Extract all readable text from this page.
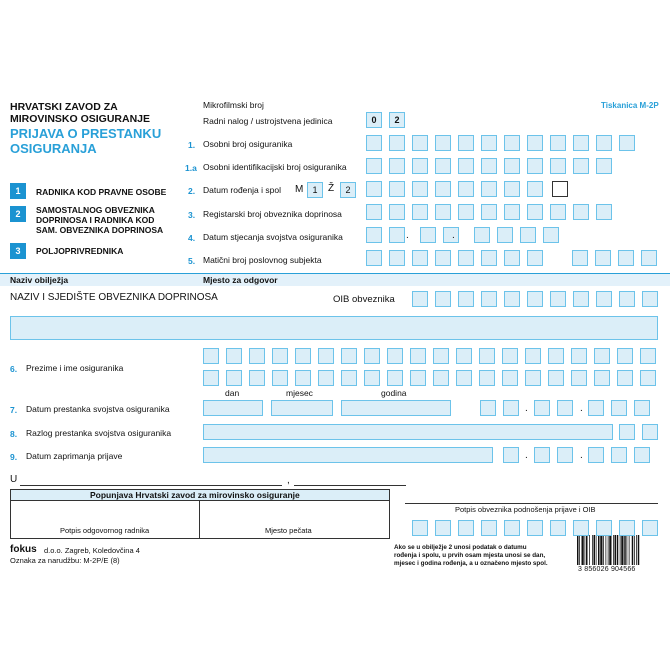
HRVATSKI ZAVOD ZA
MIROVINSKO OSIGURANJE
PRIJAVA O PRESTANKU
OSIGURANJA
Tiskanica M-2P
Mikrofilmski broj
Radni nalog / ustrojstvena jedinica	0	2
1. Osobni broj osiguranika
1.a Osobni identifikacijski broj osiguranika
2. Datum rođenja i spol M	1	Ž	2
3. Registarski broj obveznika doprinosa
4. Datum stjecanja svojstva osiguranika
5. Matični broj poslovnog subjekta
1	RADNIKA KOD PRAVNE OSOBE
2	SAMOSTALNOG OBVEZNIKA
DOPRINOSA I RADNIKA KOD
SAM. OBVEZNIKA DOPRINOSA
3	POLJOPRIVREDNIKA
Naziv obilježja	Mjesto za odgovor
NAZIV I SJEDIŠTE OBVEZNIKA DOPRINOSA	OIB obveznika
6. Prezime i ime osiguranika
dan	mjesec	godina
7. Datum prestanka svojstva osiguranika
8. Razlog prestanka svojstva osiguranika
9. Datum zaprimanja prijave
U	,
Popunjava Hrvatski zavod za mirovinsko osiguranje
Potpis odgovornog radnika	Mjesto pečata
Potpis obveznika podnošenja prijave i OIB
fokus d.o.o. Zagreb, Koledovčina 4
Oznaka za narudžbu: M-2P/E (8)
Ako se u obilježje 2 unosi podatak o datumu
rođenja i spolu, u prvih osam mjesta unosi se dan,
mjesec i godina rođenja, a u označeno mjesto spol.
3 856026 904566
.	.
.	.
.	.
